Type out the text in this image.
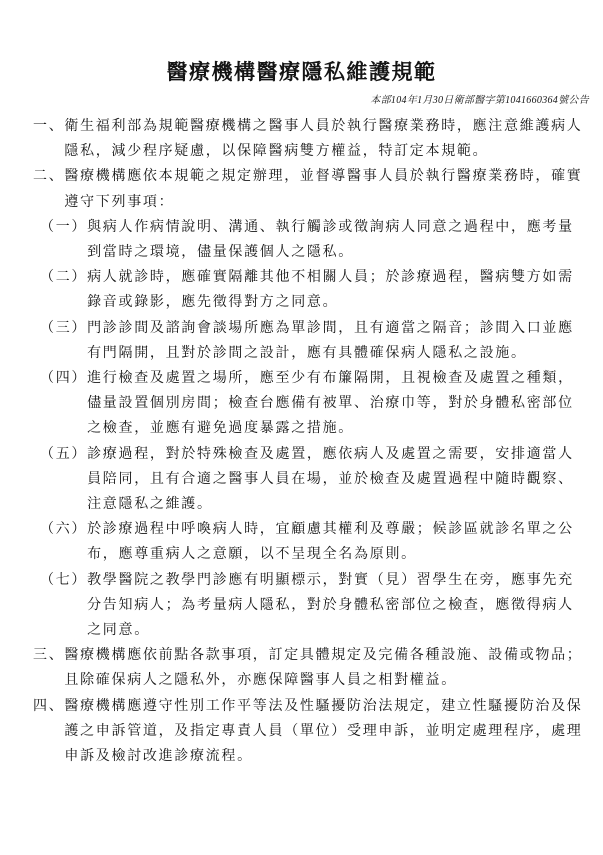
醫療機構醫療隱私維護規範
本部104年1月30日衛部醫字第1041660364號公告
一、 衛生福利部為規範醫療機構之醫事人員於執行醫療業務時，應注意維護病人
隱私，減少程序疑慮，以保障醫病雙方權益，特訂定本規範。
二、 醫療機構應依本規範之規定辦理，並督導醫事人員於執行醫療業務時，確實
遵守下列事項：
（一） 與病人作病情說明、溝通、執行觸診或徵詢病人同意之過程中，應考量
到當時之環境，儘量保護個人之隱私。
（二） 病人就診時，應確實隔離其他不相關人員；於診療過程，醫病雙方如需
錄音或錄影，應先徵得對方之同意。
（三） 門診診間及諮詢會談場所應為單診間，且有適當之隔音；診間入口並應
有門隔開，且對於診間之設計，應有具體確保病人隱私之設施。
（四） 進行檢查及處置之場所，應至少有布簾隔開，且視檢查及處置之種類，
儘量設置個別房間；檢查台應備有被單、治療巾等，對於身體私密部位
之檢查，並應有避免過度暴露之措施。
（五） 診療過程，對於特殊檢查及處置，應依病人及處置之需要，安排適當人
員陪同，且有合適之醫事人員在場，並於檢查及處置過程中隨時觀察、
注意隱私之維護。
（六） 於診療過程中呼喚病人時，宜顧慮其權利及尊嚴；候診區就診名單之公
布，應尊重病人之意願，以不呈現全名為原則。
（七） 教學醫院之教學門診應有明顯標示，對實（見）習學生在旁，應事先充
分告知病人；為考量病人隱私，對於身體私密部位之檢查，應徵得病人
之同意。
三、 醫療機構應依前點各款事項，訂定具體規定及完備各種設施、設備或物品；
且除確保病人之隱私外，亦應保障醫事人員之相對權益。
四、 醫療機構應遵守性別工作平等法及性騷擾防治法規定，建立性騷擾防治及保
護之申訴管道，及指定專責人員（單位）受理申訴，並明定處理程序，處理
申訴及檢討改進診療流程。
